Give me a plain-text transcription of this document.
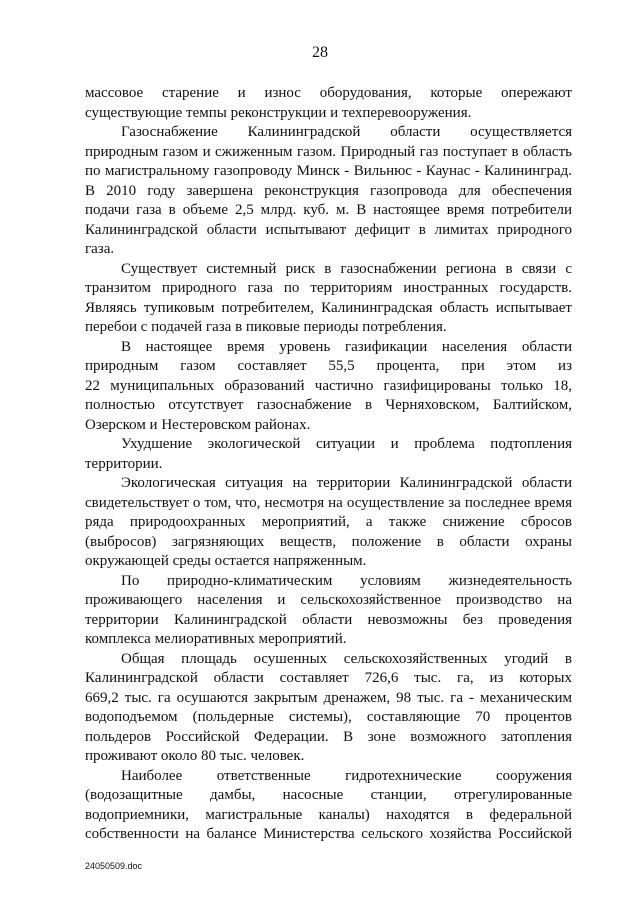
28
массовое старение и износ оборудования, которые опережают
существующие темпы реконструкции и техперевооружения.
Газоснабжение Калининградской области осуществляется
природным газом и сжиженным газом. Природный газ поступает в область
по магистральному газопроводу Минск - Вильнюс - Каунас - Калининград.
В 2010 году завершена реконструкция газопровода для обеспечения
подачи газа в объеме 2,5 млрд. куб. м. В настоящее время потребители
Калининградской области испытывают дефицит в лимитах природного
газа.
Существует системный риск в газоснабжении региона в связи с
транзитом природного газа по территориям иностранных государств.
Являясь тупиковым потребителем, Калининградская область испытывает
перебои с подачей газа в пиковые периоды потребления.
В настоящее время уровень газификации населения области
природным газом составляет 55,5 процента, при этом из
22 муниципальных образований частично газифицированы только 18,
полностью отсутствует газоснабжение в Черняховском, Балтийском,
Озерском и Нестеровском районах.
Ухудшение экологической ситуации и проблема подтопления
территории.
Экологическая ситуация на территории Калининградской области
свидетельствует о том, что, несмотря на осуществление за последнее время
ряда природоохранных мероприятий, а также снижение сбросов
(выбросов) загрязняющих веществ, положение в области охраны
окружающей среды остается напряженным.
По природно-климатическим условиям жизнедеятельность
проживающего населения и сельскохозяйственное производство на
территории Калининградской области невозможны без проведения
комплекса мелиоративных мероприятий.
Общая площадь осушенных сельскохозяйственных угодий в
Калининградской области составляет 726,6 тыс. га, из которых
669,2 тыс. га осушаются закрытым дренажем, 98 тыс. га - механическим
водоподъемом (польдерные системы), составляющие 70 процентов
польдеров Российской Федерации. В зоне возможного затопления
проживают около 80 тыс. человек.
Наиболее ответственные гидротехнические сооружения
(водозащитные дамбы, насосные станции, отрегулированные
водоприемники, магистральные каналы) находятся в федеральной
собственности на балансе Министерства сельского хозяйства Российской
24050509.doc
